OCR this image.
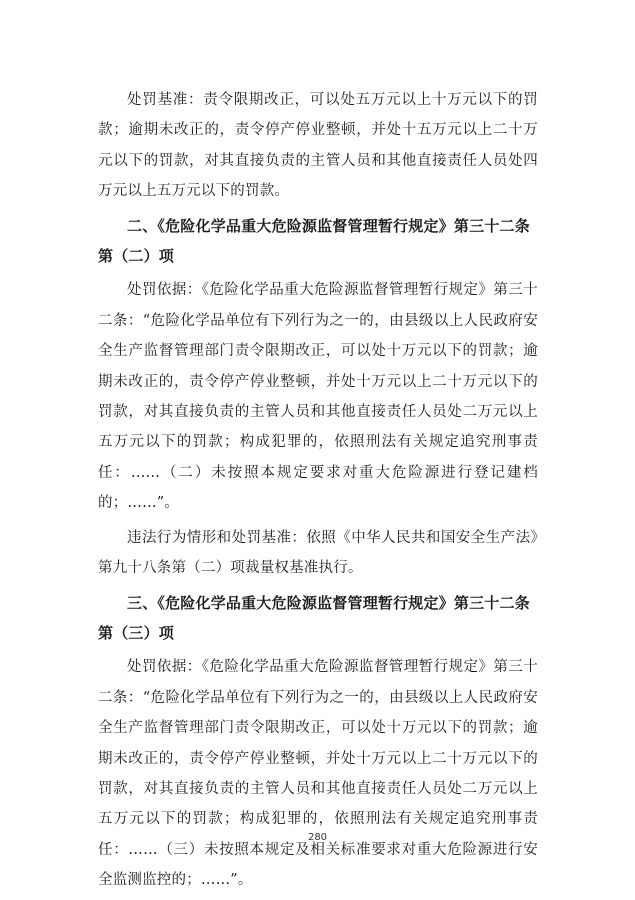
处罚基准：责令限期改正，可以处五万元以上十万元以下的罚款；逾期未改正的，责令停产停业整顿，并处十五万元以上二十万元以下的罚款，对其直接负责的主管人员和其他直接责任人员处四万元以上五万元以下的罚款。

二、《危险化学品重大危险源监督管理暂行规定》第三十二条第（二）项

处罚依据：《危险化学品重大危险源监督管理暂行规定》第三十二条：“危险化学品单位有下列行为之一的，由县级以上人民政府安全生产监督管理部门责令限期改正，可以处十万元以下的罚款；逾期未改正的，责令停产停业整顿，并处十万元以上二十万元以下的罚款，对其直接负责的主管人员和其他直接责任人员处二万元以上五万元以下的罚款；构成犯罪的，依照刑法有关规定追究刑事责任：……（二）未按照本规定要求对重大危险源进行登记建档的；……”。

违法行为情形和处罚基准：依照《中华人民共和国安全生产法》第九十八条第（二）项裁量权基准执行。

三、《危险化学品重大危险源监督管理暂行规定》第三十二条第（三）项

处罚依据：《危险化学品重大危险源监督管理暂行规定》第三十二条：“危险化学品单位有下列行为之一的，由县级以上人民政府安全生产监督管理部门责令限期改正，可以处十万元以下的罚款；逾期未改正的，责令停产停业整顿，并处十万元以上二十万元以下的罚款，对其直接负责的主管人员和其他直接责任人员处二万元以上五万元以下的罚款；构成犯罪的，依照刑法有关规定追究刑事责任：……（三）未按照本规定及相关标准要求对重大危险源进行安全监测监控的；……”。

280
